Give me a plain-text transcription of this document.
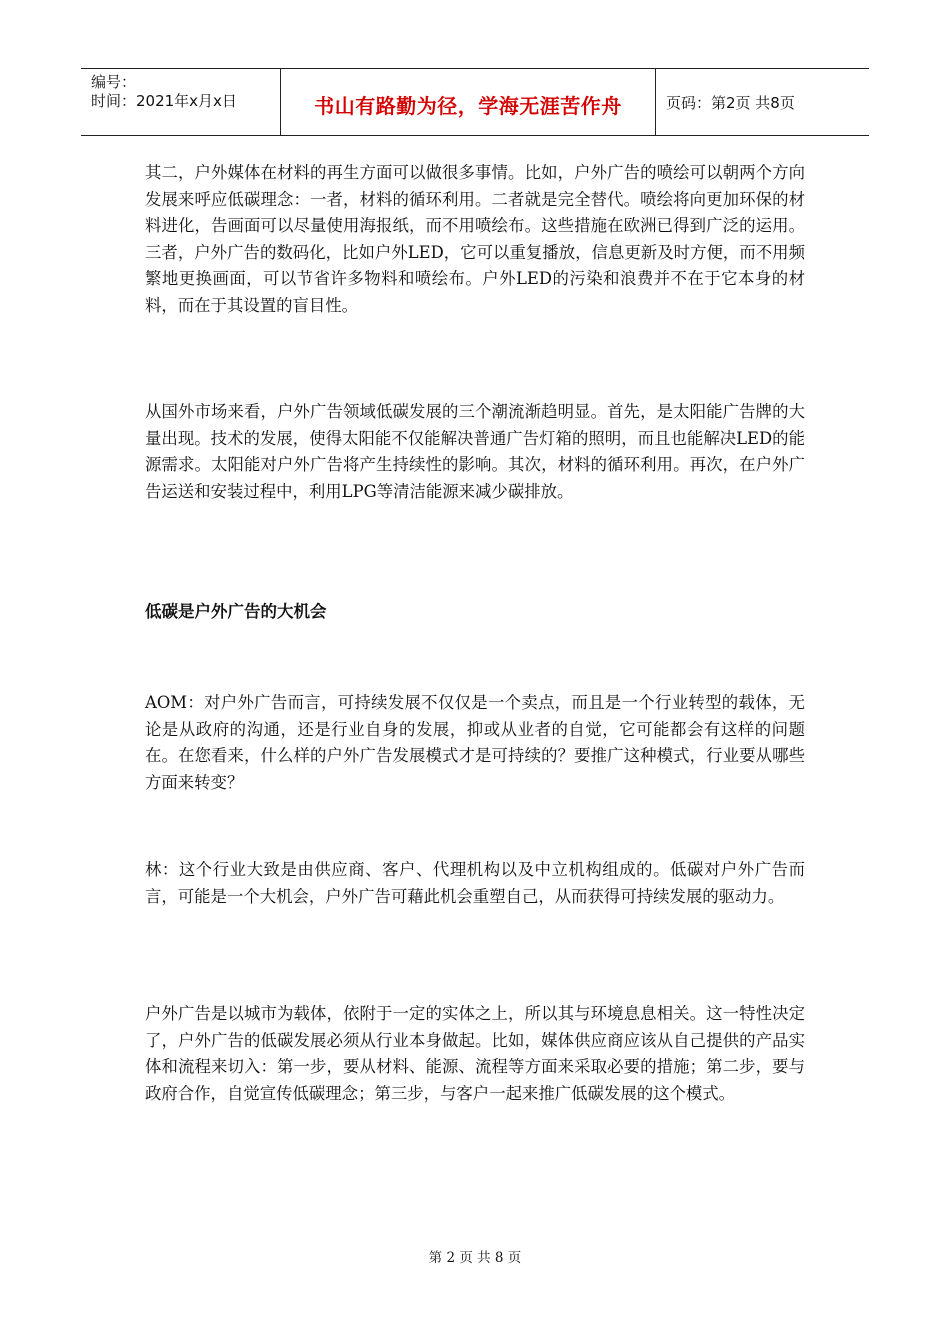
编号：
时间：2021年x月x日	书山有路勤为径，学海无涯苦作舟	页码：第2页 共8页

其二，户外媒体在材料的再生方面可以做很多事情。比如，户外广告的喷绘可以朝两个方向发展来呼应低碳理念：一者，材料的循环利用。二者就是完全替代。喷绘将向更加环保的材料进化，告画面可以尽量使用海报纸，而不用喷绘布。这些措施在欧洲已得到广泛的运用。三者，户外广告的数码化，比如户外LED，它可以重复播放，信息更新及时方便，而不用频繁地更换画面，可以节省许多物料和喷绘布。户外LED的污染和浪费并不在于它本身的材料，而在于其设置的盲目性。

从国外市场来看，户外广告领域低碳发展的三个潮流渐趋明显。首先，是太阳能广告牌的大量出现。技术的发展，使得太阳能不仅能解决普通广告灯箱的照明，而且也能解决LED的能源需求。太阳能对户外广告将产生持续性的影响。其次，材料的循环利用。再次，在户外广告运送和安装过程中，利用LPG等清洁能源来减少碳排放。

低碳是户外广告的大机会

AOM：对户外广告而言，可持续发展不仅仅是一个卖点，而且是一个行业转型的载体，无论是从政府的沟通，还是行业自身的发展，抑或从业者的自觉，它可能都会有这样的问题在。在您看来，什么样的户外广告发展模式才是可持续的？要推广这种模式，行业要从哪些方面来转变？

林：这个行业大致是由供应商、客户、代理机构以及中立机构组成的。低碳对户外广告而言，可能是一个大机会，户外广告可藉此机会重塑自己，从而获得可持续发展的驱动力。

户外广告是以城市为载体，依附于一定的实体之上，所以其与环境息息相关。这一特性决定了，户外广告的低碳发展必须从行业本身做起。比如，媒体供应商应该从自己提供的产品实体和流程来切入：第一步，要从材料、能源、流程等方面来采取必要的措施；第二步，要与政府合作，自觉宣传低碳理念；第三步，与客户一起来推广低碳发展的这个模式。

第 2 页 共 8 页
